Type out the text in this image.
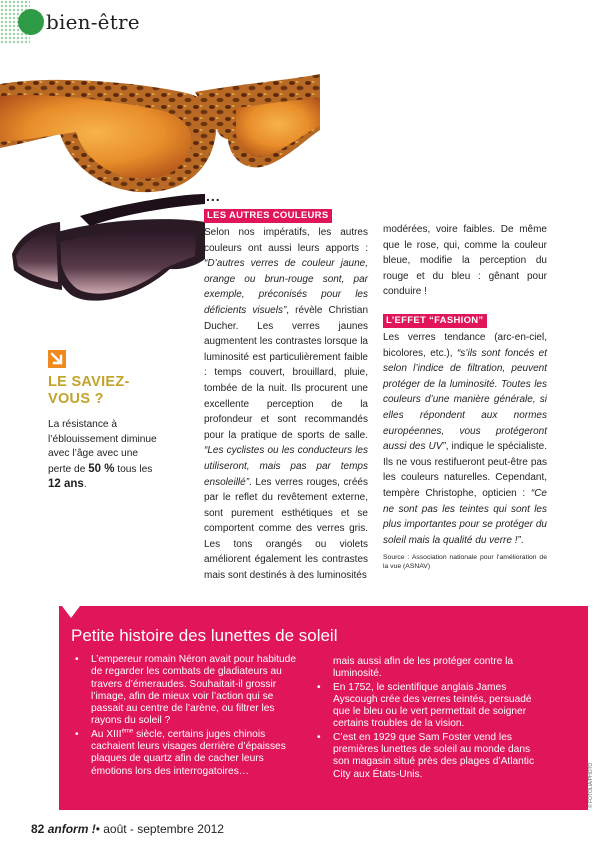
bien-être
LE SAVIEZ-
VOUS ?
La résistance à l’éblouissement diminue avec l’âge avec une perte de 50 % tous les 12 ans.
...
LES AUTRES COULEURS

Selon nos impératifs, les autres couleurs ont aussi leurs apports : “D’autres verres de couleur jaune, orange ou brun-rouge sont, par exemple, préconisés pour les déficients visuels”, révèle Christian Ducher. Les verres jaunes augmentent les contrastes lorsque la luminosité est particulièrement faible : temps couvert, brouillard, pluie, tombée de la nuit. Ils procurent une excellente perception de la profondeur et sont recommandés pour la pratique de sports de salle. “Les cyclistes ou les conducteurs les utiliseront, mais pas par temps ensoleillé”. Les verres rouges, créés par le reflet du revêtement externe, sont purement esthétiques et se comportent comme des verres gris. Les tons orangés ou violets améliorent également les contrastes mais sont destinés à des luminosités

modérées, voire faibles. De même que le rose, qui, comme la couleur bleue, modifie la perception du rouge et du bleu : gênant pour conduire !

L’EFFET “FASHION”

Les verres tendance (arc-en-ciel, bicolores, etc.), “s’ils sont foncés et selon l’indice de filtration, peuvent protéger de la luminosité. Toutes les couleurs d’une manière générale, si elles répondent aux normes européennes, vous protégeront aussi des UV”, indique le spécialiste. Ils ne vous restifueront peut-être pas les couleurs naturelles. Cependant, tempère Christophe, opticien : “Ce ne sont pas les teintes qui sont les plus importantes pour se protéger du soleil mais la qualité du verre !”.

Source : Association nationale pour l’amélioration de la vue (ASNAV)

Petite histoire des lunettes de soleil
• L’empereur romain Néron avait pour habitude de regarder les combats de gladiateurs au travers d’émeraudes. Souhaitait-il grossir l’image, afin de mieux voir l’action qui se passait au centre de l’arène, ou filtrer les rayons du soleil ?
• Au XIIIème siècle, certains juges chinois cachaient leurs visages derrière d’épaisses plaques de quartz afin de cacher leurs émotions lors des interrogatoires…
mais aussi afin de les protéger contre la luminosité.
• En 1752, le scientifique anglais James Ayscough crée des verres teintés, persuadé que le bleu ou le vert permettait de soigner certains troubles de la vision.
• C’est en 1929 que Sam Foster vend les premières lunettes de soleil au monde dans son magasin situé près des plages d’Atlantic City aux États-Unis.	© FOTOLIA/PHOTO
82 anform !• août - septembre 2012
